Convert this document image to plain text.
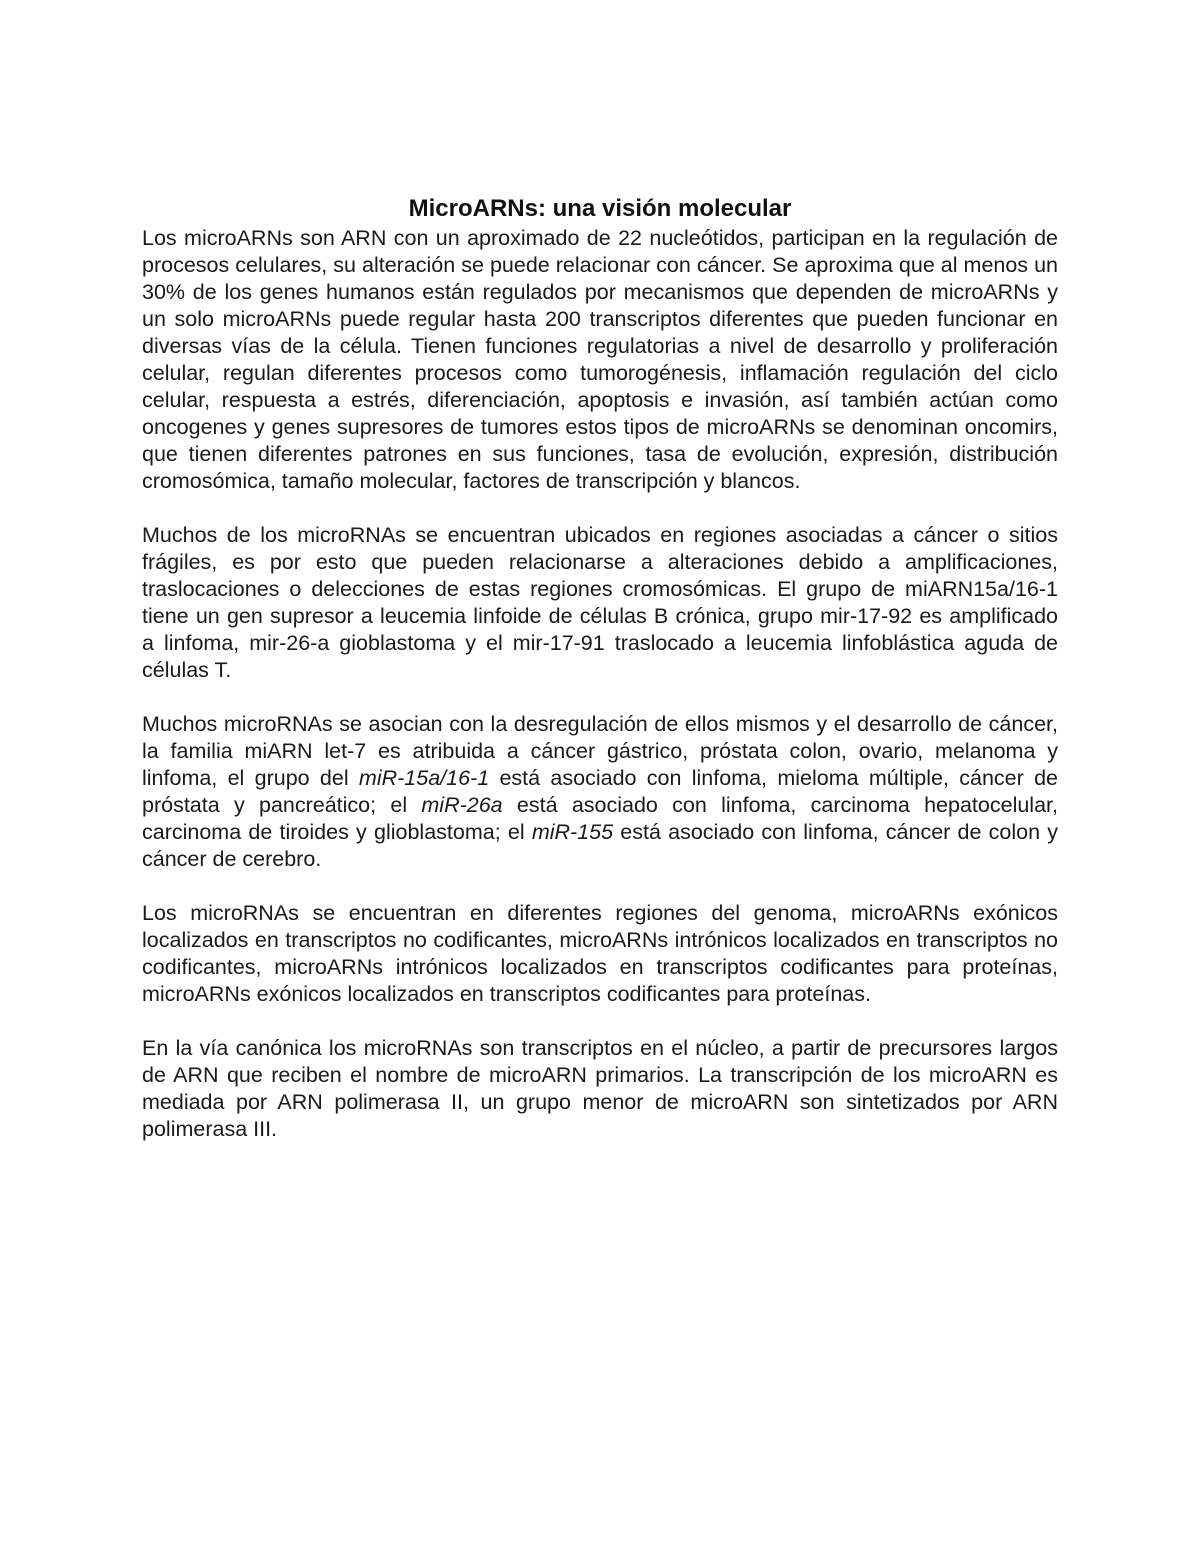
MicroARNs: una visión molecular

Los microARNs son ARN con un aproximado de 22 nucleótidos, participan en la regulación de procesos celulares, su alteración se puede relacionar con cáncer. Se aproxima que al menos un 30% de los genes humanos están regulados por mecanismos que dependen de microARNs y un solo microARNs puede regular hasta 200 transcriptos diferentes que pueden funcionar en diversas vías de la célula. Tienen funciones regulatorias a nivel de desarrollo y proliferación celular, regulan diferentes procesos como tumorogénesis, inflamación regulación del ciclo celular, respuesta a estrés, diferenciación, apoptosis e invasión, así también actúan como oncogenes y genes supresores de tumores estos tipos de microARNs se denominan oncomirs, que tienen diferentes patrones en sus funciones, tasa de evolución, expresión, distribución cromosómica, tamaño molecular, factores de transcripción y blancos.

Muchos de los microRNAs se encuentran ubicados en regiones asociadas a cáncer o sitios frágiles, es por esto que pueden relacionarse a alteraciones debido a amplificaciones, traslocaciones o delecciones de estas regiones cromosómicas. El grupo de miARN15a/16-1 tiene un gen supresor a leucemia linfoide de células B crónica, grupo mir-17-92 es amplificado a linfoma, mir-26-a gioblastoma y el mir-17-91 traslocado a leucemia linfoblástica aguda de células T.

Muchos microRNAs se asocian con la desregulación de ellos mismos y el desarrollo de cáncer, la familia miARN let-7 es atribuida a cáncer gástrico, próstata colon, ovario, melanoma y linfoma, el grupo del miR-15a/16-1 está asociado con linfoma, mieloma múltiple, cáncer de próstata y pancreático; el miR-26a está asociado con linfoma, carcinoma hepatocelular, carcinoma de tiroides y glioblastoma; el miR-155 está asociado con linfoma, cáncer de colon y cáncer de cerebro.

Los microRNAs se encuentran en diferentes regiones del genoma, microARNs exónicos localizados en transcriptos no codificantes, microARNs intrónicos localizados en transcriptos no codificantes, microARNs intrónicos localizados en transcriptos codificantes para proteínas, microARNs exónicos localizados en transcriptos codificantes para proteínas.

En la vía canónica los microRNAs son transcriptos en el núcleo, a partir de precursores largos de ARN que reciben el nombre de microARN primarios. La transcripción de los microARN es mediada por ARN polimerasa II, un grupo menor de microARN son sintetizados por ARN polimerasa III.
